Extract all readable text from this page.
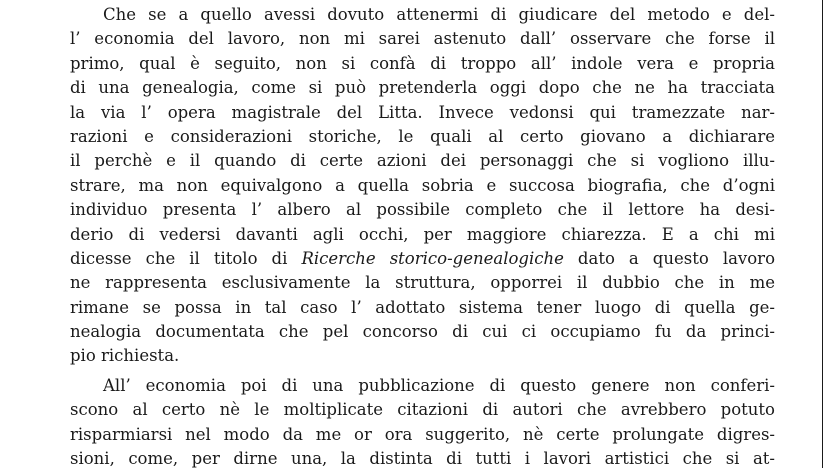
Che se a quello avessi dovuto attenermi di giudicare del metodo e del-
l’ economia del lavoro, non mi sarei astenuto dall’ osservare che forse il
primo, qual è seguito, non si confà di troppo all’ indole vera e propria
di una genealogia, come si può pretenderla oggi dopo che ne ha tracciata
la via l’ opera magistrale del Litta. Invece vedonsi qui tramezzate nar-
razioni e considerazioni storiche, le quali al certo giovano a dichiarare
il perchè e il quando di certe azioni dei personaggi che si vogliono illu-
strare, ma non equivalgono a quella sobria e succosa biografia, che d’ogni
individuo presenta l’ albero al possibile completo che il lettore ha desi-
derio di vedersi davanti agli occhi, per maggiore chiarezza. E a chi mi
dicesse che il titolo di Ricerche storico-genealogiche dato a questo lavoro
ne rappresenta esclusivamente la struttura, opporrei il dubbio che in me
rimane se possa in tal caso l’ adottato sistema tener luogo di quella ge-
nealogia documentata che pel concorso di cui ci occupiamo fu da princi-
pio richiesta.
All’ economia poi di una pubblicazione di questo genere non conferi-
scono al certo nè le moltiplicate citazioni di autori che avrebbero potuto
risparmiarsi nel modo da me or ora suggerito, nè certe prolungate digres-
sioni, come, per dirne una, la distinta di tutti i lavori artistici che si at-
